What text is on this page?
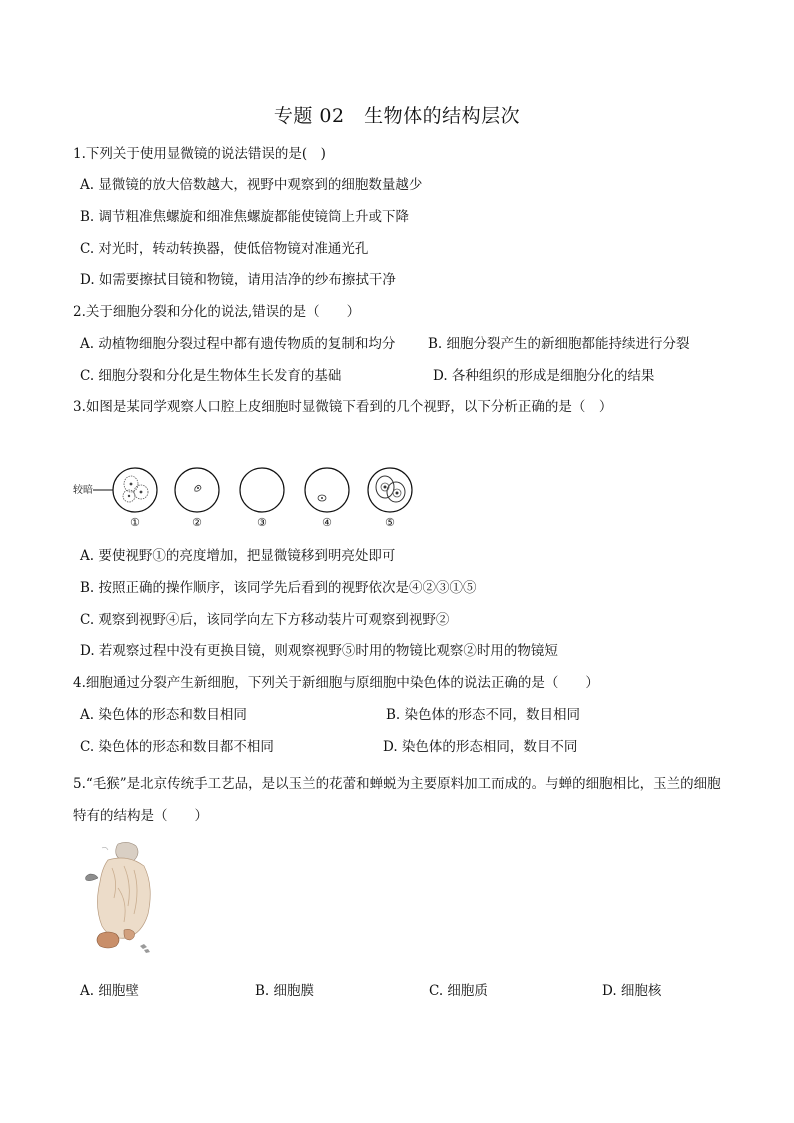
专题 02　生物体的结构层次
1.下列关于使用显微镜的说法错误的是(　)
A. 显微镜的放大倍数越大，视野中观察到的细胞数量越少
B. 调节粗准焦螺旋和细准焦螺旋都能使镜筒上升或下降
C. 对光时，转动转换器，使低倍物镜对准通光孔
D. 如需要擦拭目镜和物镜，请用洁净的纱布擦拭干净
2.关于细胞分裂和分化的说法,错误的是（　　）
A. 动植物细胞分裂过程中都有遗传物质的复制和均分 B. 细胞分裂产生的新细胞都能持续进行分裂
C. 细胞分裂和分化是生物体生长发育的基础	D. 各种组织的形成是细胞分化的结果
3.如图是某同学观察人口腔上皮细胞时显微镜下看到的几个视野，以下分析正确的是（　）
较暗
①	②	③	④	⑤
A. 要使视野①的亮度增加，把显微镜移到明亮处即可
B. 按照正确的操作顺序，该同学先后看到的视野依次是④②③①⑤
C. 观察到视野④后，该同学向左下方移动装片可观察到视野②
D. 若观察过程中没有更换目镜，则观察视野⑤时用的物镜比观察②时用的物镜短
4.细胞通过分裂产生新细胞，下列关于新细胞与原细胞中染色体的说法正确的是（　　）
A. 染色体的形态和数目相同	B. 染色体的形态不同，数目相同
C. 染色体的形态和数目都不相同	D. 染色体的形态相同，数目不同
5.“毛猴”是北京传统手工艺品，是以玉兰的花蕾和蝉蜕为主要原料加工而成的。与蝉的细胞相比，玉兰的细胞特有的结构是（　　）
A. 细胞壁	B. 细胞膜	C. 细胞质	D. 细胞核
